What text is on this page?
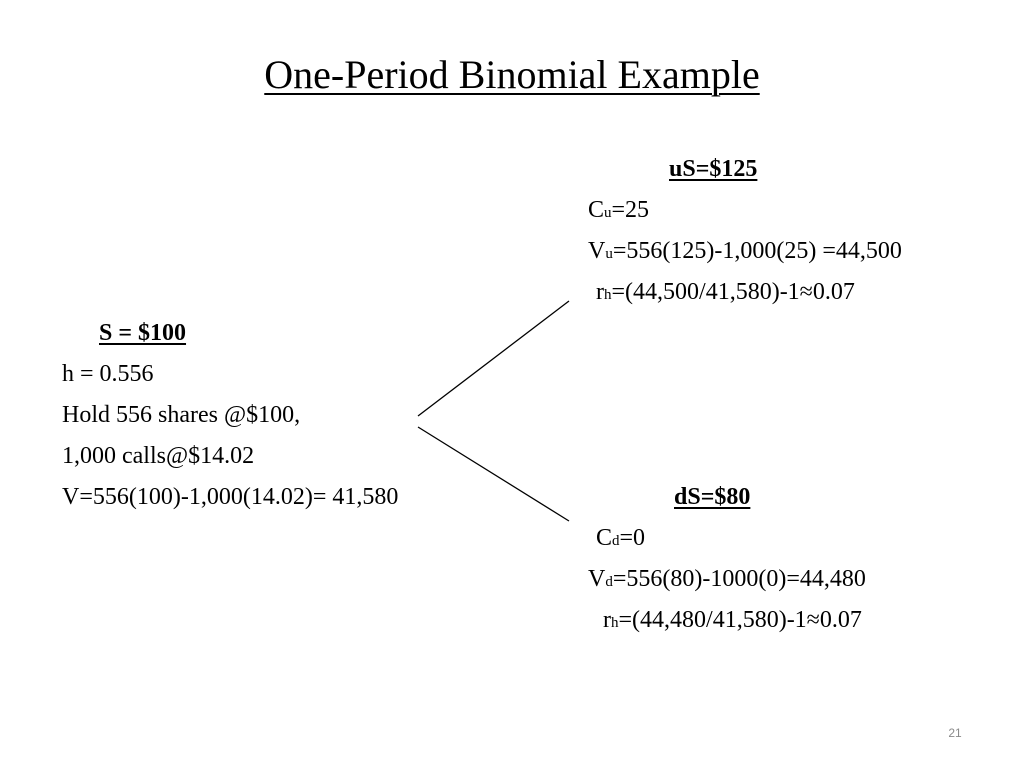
One-Period Binomial Example
S = $100
h = 0.556
Hold 556 shares @$100,
1,000 calls@$14.02
V=556(100)-1,000(14.02)= 41,580
uS=$125
Cu=25
Vu=556(125)-1,000(25) =44,500
rh=(44,500/41,580)-1≈0.07
dS=$80
Cd=0
Vd=556(80)-1000(0)=44,480
rh=(44,480/41,580)-1≈0.07
21
